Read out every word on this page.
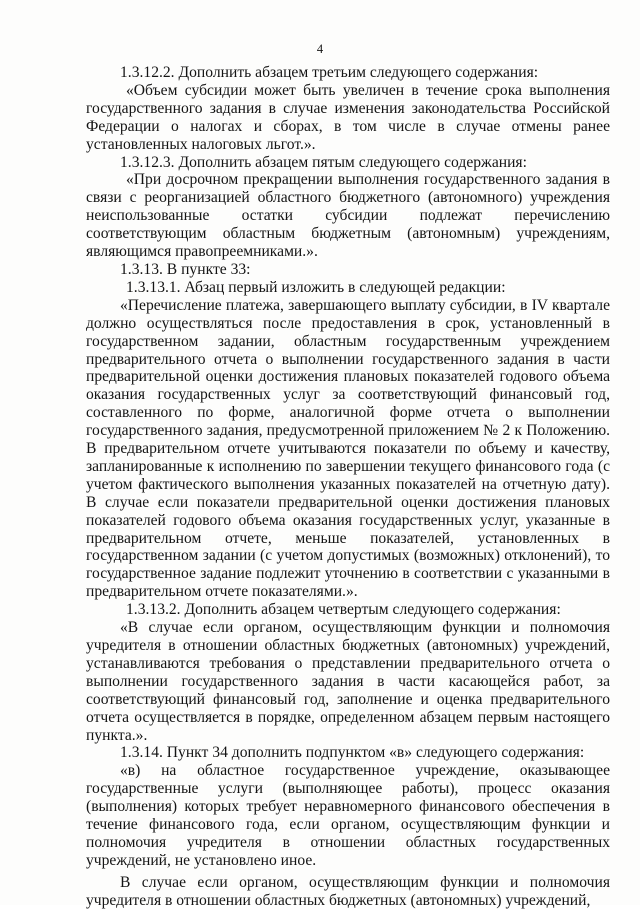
4

1.3.12.2. Дополнить абзацем третьим следующего содержания:

«Объем субсидии может быть увеличен в течение срока выполнения государственного задания в случае изменения законодательства Российской Федерации о налогах и сборах, в том числе в случае отмены ранее установленных налоговых льгот.».

1.3.12.3. Дополнить абзацем пятым следующего содержания:

«При досрочном прекращении выполнения государственного задания в связи с реорганизацией областного бюджетного (автономного) учреждения неиспользованные остатки субсидии подлежат перечислению соответствующим областным бюджетным (автономным) учреждениям, являющимся правопреемниками.».

1.3.13. В пункте 33:

1.3.13.1. Абзац первый изложить в следующей редакции:

«Перечисление платежа, завершающего выплату субсидии, в IV квартале должно осуществляться после предоставления в срок, установленный в государственном задании, областным государственным учреждением предварительного отчета о выполнении государственного задания в части предварительной оценки достижения плановых показателей годового объема оказания государственных услуг за соответствующий финансовый год, составленного по форме, аналогичной форме отчета о выполнении государственного задания, предусмотренной приложением № 2 к Положению. В предварительном отчете учитываются показатели по объему и качеству, запланированные к исполнению по завершении текущего финансового года (с учетом фактического выполнения указанных показателей на отчетную дату). В случае если показатели предварительной оценки достижения плановых показателей годового объема оказания государственных услуг, указанные в предварительном отчете, меньше показателей, установленных в государственном задании (с учетом допустимых (возможных) отклонений), то государственное задание подлежит уточнению в соответствии с указанными в предварительном отчете показателями.».

1.3.13.2. Дополнить абзацем четвертым следующего содержания:

«В случае если органом, осуществляющим функции и полномочия учредителя в отношении областных бюджетных (автономных) учреждений, устанавливаются требования о представлении предварительного отчета о выполнении государственного задания в части касающейся работ, за соответствующий финансовый год, заполнение и оценка предварительного отчета осуществляется в порядке, определенном абзацем первым настоящего пункта.».

1.3.14. Пункт 34 дополнить подпунктом «в» следующего содержания:

«в) на областное государственное учреждение, оказывающее государственные услуги (выполняющее работы), процесс оказания (выполнения) которых требует неравномерного финансового обеспечения в течение финансового года, если органом, осуществляющим функции и полномочия учредителя в отношении областных государственных учреждений, не установлено иное.

В случае если органом, осуществляющим функции и полномочия учредителя в отношении областных бюджетных (автономных) учреждений,
